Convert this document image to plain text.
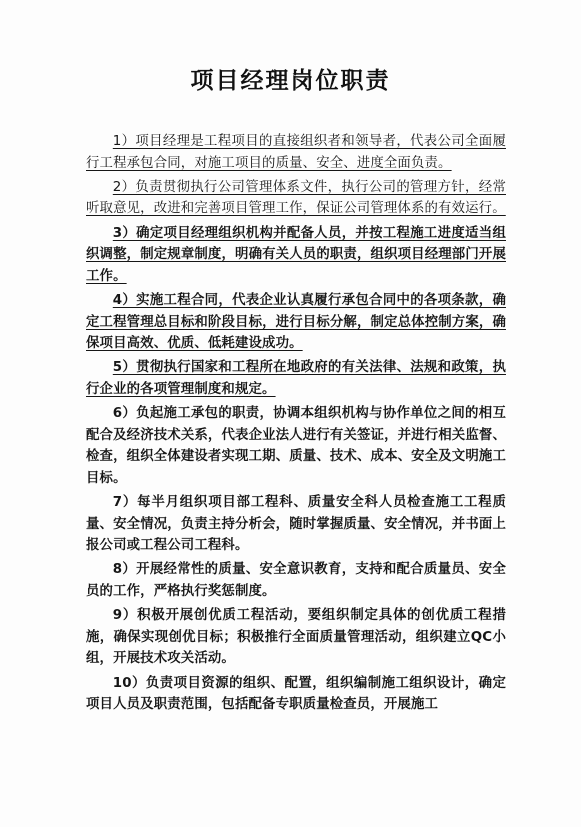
项目经理岗位职责

1）项目经理是工程项目的直接组织者和领导者，代表公司全面履行工程承包合同，对施工项目的质量、安全、进度全面负责。

2）负责贯彻执行公司管理体系文件，执行公司的管理方针，经常听取意见，改进和完善项目管理工作，保证公司管理体系的有效运行。

3）确定项目经理组织机构并配备人员，并按工程施工进度适当组织调整，制定规章制度，明确有关人员的职责，组织项目经理部门开展工作。

4）实施工程合同，代表企业认真履行承包合同中的各项条款，确定工程管理总目标和阶段目标，进行目标分解，制定总体控制方案，确保项目高效、优质、低耗建设成功。

5）贯彻执行国家和工程所在地政府的有关法律、法规和政策，执行企业的各项管理制度和规定。

6）负起施工承包的职责，协调本组织机构与协作单位之间的相互配合及经济技术关系，代表企业法人进行有关签证，并进行相关监督、检查，组织全体建设者实现工期、质量、技术、成本、安全及文明施工目标。

7）每半月组织项目部工程科、质量安全科人员检查施工工程质量、安全情况，负责主持分析会，随时掌握质量、安全情况，并书面上报公司或工程公司工程科。

8）开展经常性的质量、安全意识教育，支持和配合质量员、安全员的工作，严格执行奖惩制度。

9）积极开展创优质工程活动，要组织制定具体的创优质工程措施，确保实现创优目标；积极推行全面质量管理活动，组织建立QC小组，开展技术攻关活动。

10）负责项目资源的组织、配置，组织编制施工组织设计，确定项目人员及职责范围，包括配备专职质量检查员，开展施工
